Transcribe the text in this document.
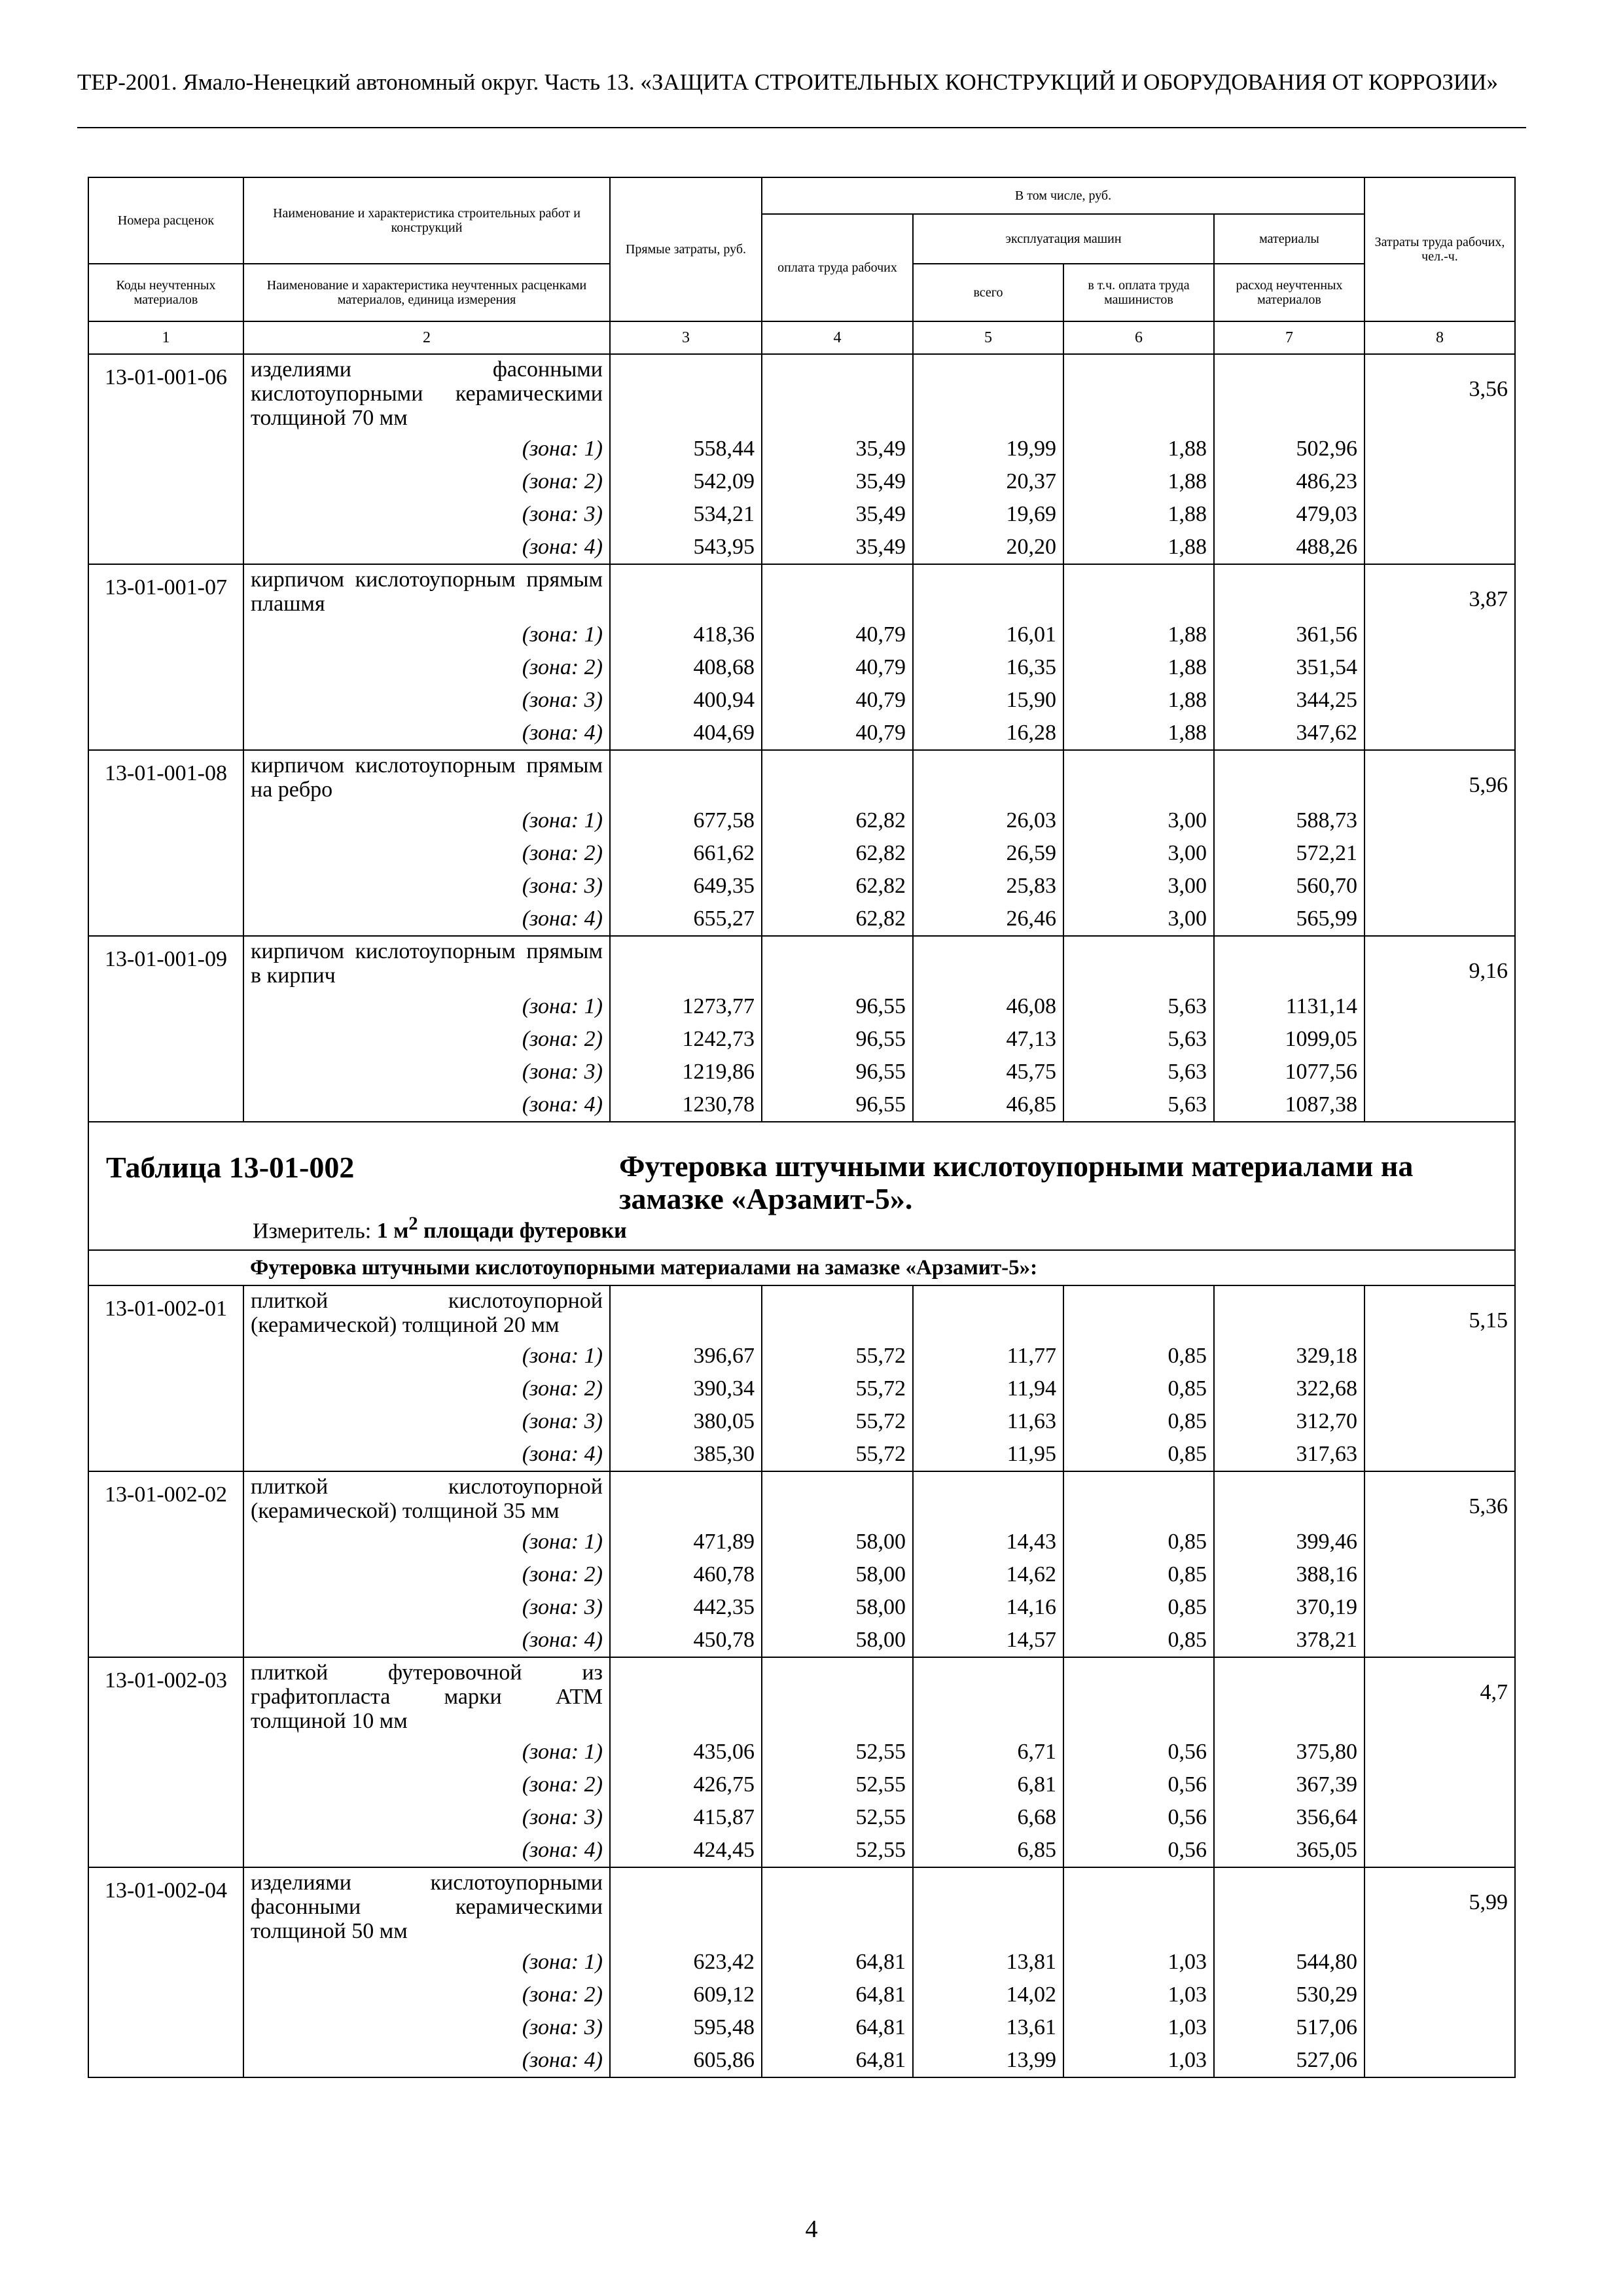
ТЕР-2001. Ямало-Ненецкий автономный округ. Часть 13. «ЗАЩИТА СТРОИТЕЛЬНЫХ КОНСТРУКЦИЙ И ОБОРУДОВАНИЯ ОТ КОРРОЗИИ»
Номера расценок	Наименование и характеристика строительных работ и конструкций	Прямые затраты, руб.	В том числе, руб.				Затраты труда рабочих, чел.-ч.
			оплата труда рабочих	эксплуатация машин		материалы	
Коды неучтенных материалов	Наименование и характеристика неучтенных расценками материалов, единица измерения			всего	в т.ч. оплата труда машинистов	расход неучтенных материалов	
1	2	3	4	5	6	7	8
13-01-001-06	изделиями фасонными кислотоупорными керамическими толщиной 70 мм						3,56
	(зона: 1)	558,44	35,49	19,99	1,88	502,96	
	(зона: 2)	542,09	35,49	20,37	1,88	486,23	
	(зона: 3)	534,21	35,49	19,69	1,88	479,03	
	(зона: 4)	543,95	35,49	20,20	1,88	488,26	
13-01-001-07	кирпичом кислотоупорным прямым плашмя						3,87
	(зона: 1)	418,36	40,79	16,01	1,88	361,56	
	(зона: 2)	408,68	40,79	16,35	1,88	351,54	
	(зона: 3)	400,94	40,79	15,90	1,88	344,25	
	(зона: 4)	404,69	40,79	16,28	1,88	347,62	
13-01-001-08	кирпичом кислотоупорным прямым на ребро						5,96
	(зона: 1)	677,58	62,82	26,03	3,00	588,73	
	(зона: 2)	661,62	62,82	26,59	3,00	572,21	
	(зона: 3)	649,35	62,82	25,83	3,00	560,70	
	(зона: 4)	655,27	62,82	26,46	3,00	565,99	
13-01-001-09	кирпичом кислотоупорным прямым в кирпич						9,16
	(зона: 1)	1273,77	96,55	46,08	5,63	1131,14	
	(зона: 2)	1242,73	96,55	47,13	5,63	1099,05	
	(зона: 3)	1219,86	96,55	45,75	5,63	1077,56	
	(зона: 4)	1230,78	96,55	46,85	5,63	1087,38	

Таблица 13-01-002 Футеровка штучными кислотоупорными материалами на замазке «Арзамит-5».
Измеритель: 1 $м^2$ площади футеровки							

	Футеровка штучными кислотоупорными материалами на замазке «Арзамит-5»:						
13-01-002-01	плиткой кислотоупорной (керамической) толщиной 20 мм						5,15
	(зона: 1)	396,67	55,72	11,77	0,85	329,18	
	(зона: 2)	390,34	55,72	11,94	0,85	322,68	
	(зона: 3)	380,05	55,72	11,63	0,85	312,70	
	(зона: 4)	385,30	55,72	11,95	0,85	317,63	
13-01-002-02	плиткой кислотоупорной (керамической) толщиной 35 мм						5,36
	(зона: 1)	471,89	58,00	14,43	0,85	399,46	
	(зона: 2)	460,78	58,00	14,62	0,85	388,16	
	(зона: 3)	442,35	58,00	14,16	0,85	370,19	
	(зона: 4)	450,78	58,00	14,57	0,85	378,21	
13-01-002-03	плиткой футеровочной из графитопласта марки АТМ толщиной 10 мм						4,7
	(зона: 1)	435,06	52,55	6,71	0,56	375,80	
	(зона: 2)	426,75	52,55	6,81	0,56	367,39	
	(зона: 3)	415,87	52,55	6,68	0,56	356,64	
	(зона: 4)	424,45	52,55	6,85	0,56	365,05	
13-01-002-04	изделиями кислотоупорными фасонными керамическими толщиной 50 мм						5,99
	(зона: 1)	623,42	64,81	13,81	1,03	544,80	
	(зона: 2)	609,12	64,81	14,02	1,03	530,29	
	(зона: 3)	595,48	64,81	13,61	1,03	517,06	
	(зона: 4)	605,86	64,81	13,99	1,03	527,06	
4
